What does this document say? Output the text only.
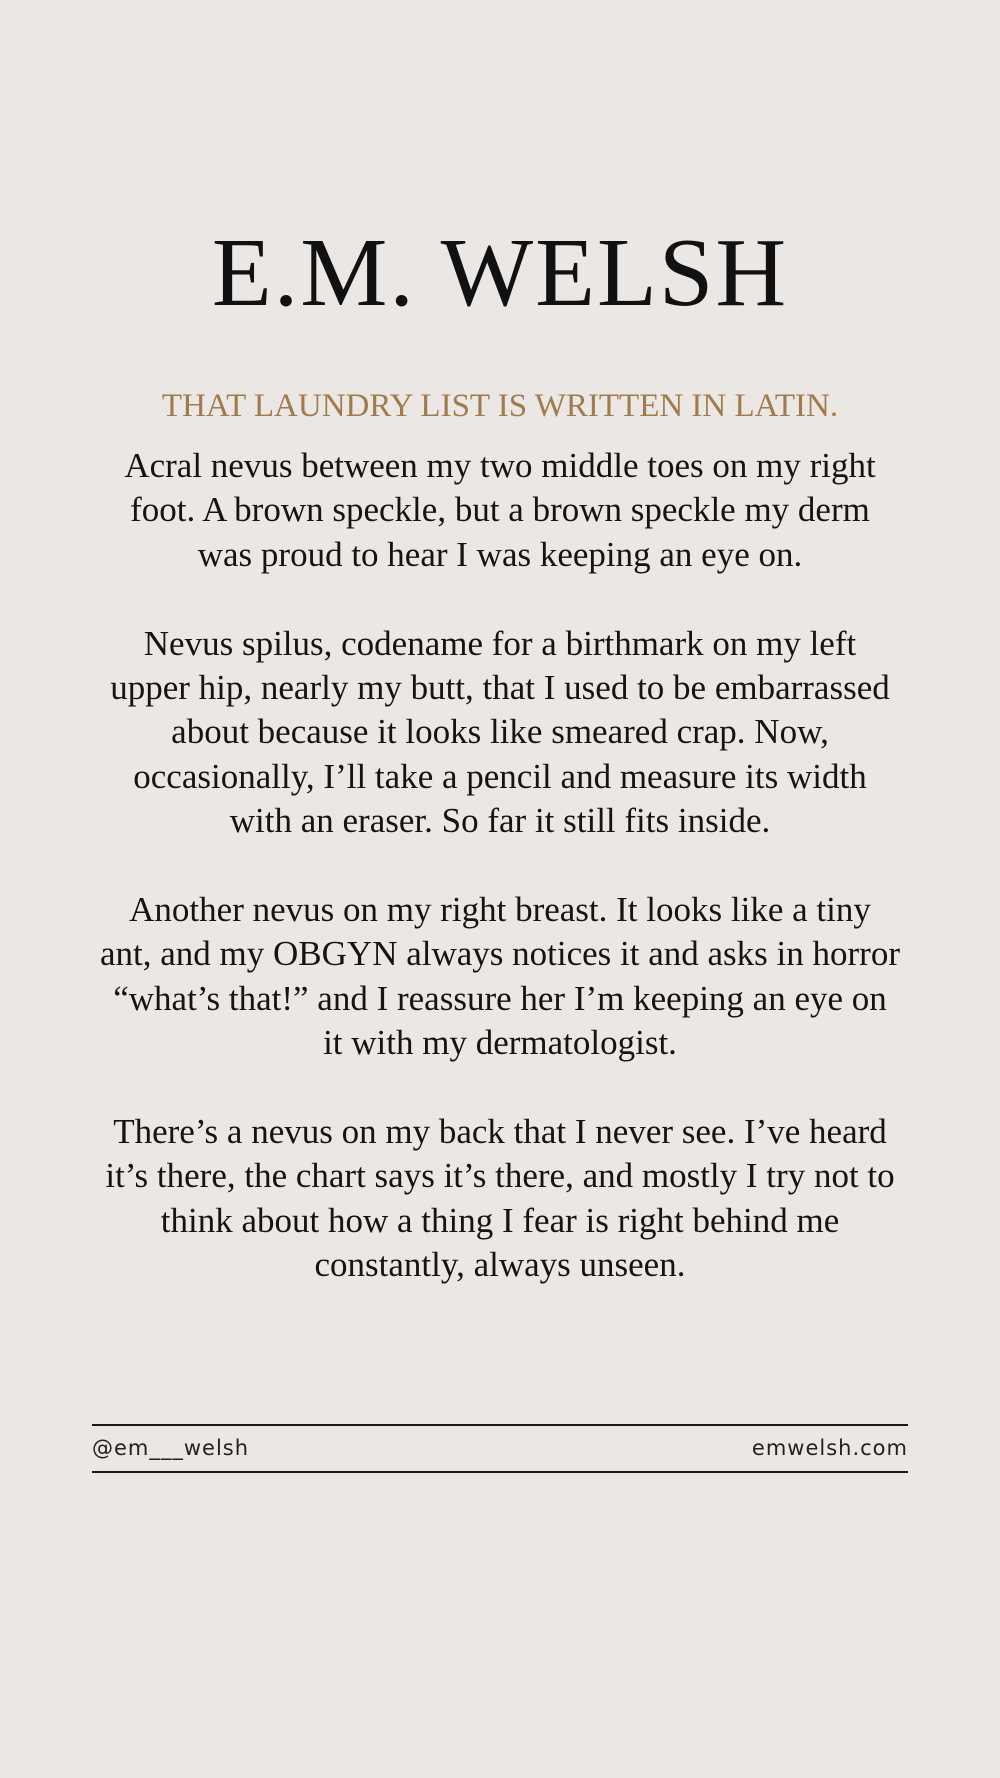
E.M. WELSH
THAT LAUNDRY LIST IS WRITTEN IN LATIN.

Acral nevus between my two middle toes on my right foot. A brown speckle, but a brown speckle my derm was proud to hear I was keeping an eye on.

Nevus spilus, codename for a birthmark on my left upper hip, nearly my butt, that I used to be embarrassed about because it looks like smeared crap. Now, occasionally, I’ll take a pencil and measure its width with an eraser. So far it still fits inside.

Another nevus on my right breast. It looks like a tiny ant, and my OBGYN always notices it and asks in horror “what’s that!” and I reassure her I’m keeping an eye on it with my dermatologist.

There’s a nevus on my back that I never see. I’ve heard it’s there, the chart says it’s there, and mostly I try not to think about how a thing I fear is right behind me constantly, always unseen.

@em___welsh	emwelsh.com
